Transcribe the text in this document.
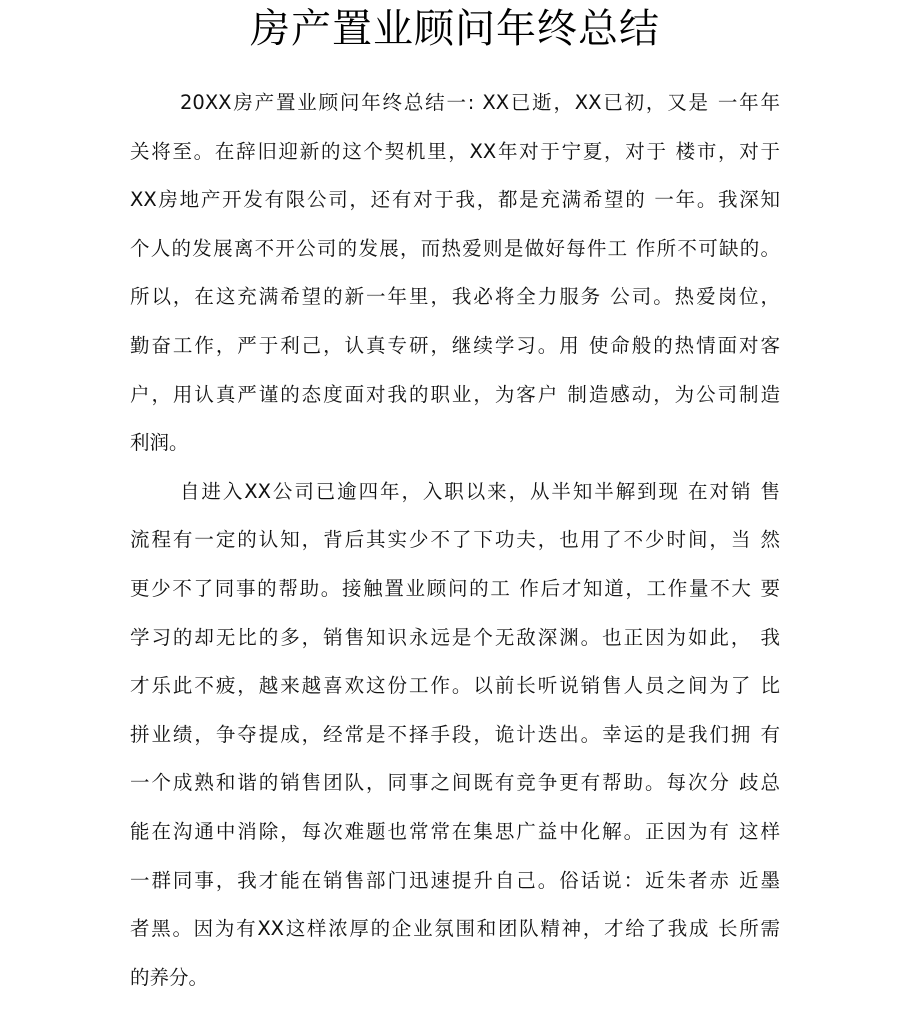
房产置业顾问年终总结
20XX房产置业顾问年终总结一: XX已逝，XX已初，又是 一年年
关将至。在辞旧迎新的这个契机里，XX年对于宁夏，对于 楼市，对于
XX房地产开发有限公司，还有对于我，都是充满希望的 一年。我深知
个人的发展离不开公司的发展，而热爱则是做好每件工 作所不可缺的。
所以，在这充满希望的新一年里，我必将全力服务 公司。热爱岗位，
勤奋工作，严于利己，认真专研，继续学习。用 使命般的热情面对客
户，用认真严谨的态度面对我的职业，为客户 制造感动，为公司制造
利润。
自进入XX公司已逾四年，入职以来，从半知半解到现 在对销 售
流程有一定的认知，背后其实少不了下功夫，也用了不少时间，当 然
更少不了同事的帮助。接触置业顾问的工 作后才知道，工作量不大 要
学习的却无比的多，销售知识永远是个无敌深渊。也正因为如此， 我
才乐此不疲，越来越喜欢这份工作。以前长听说销售人员之间为了 比
拼业绩，争夺提成，经常是不择手段，诡计迭出。幸运的是我们拥 有
一个成熟和谐的销售团队，同事之间既有竞争更有帮助。每次分 歧总
能在沟通中消除，每次难题也常常在集思广益中化解。正因为有 这样
一群同事，我才能在销售部门迅速提升自己。俗话说：近朱者赤 近墨
者黑。因为有XX这样浓厚的企业氛围和团队精神，才给了我成 长所需
的养分。
